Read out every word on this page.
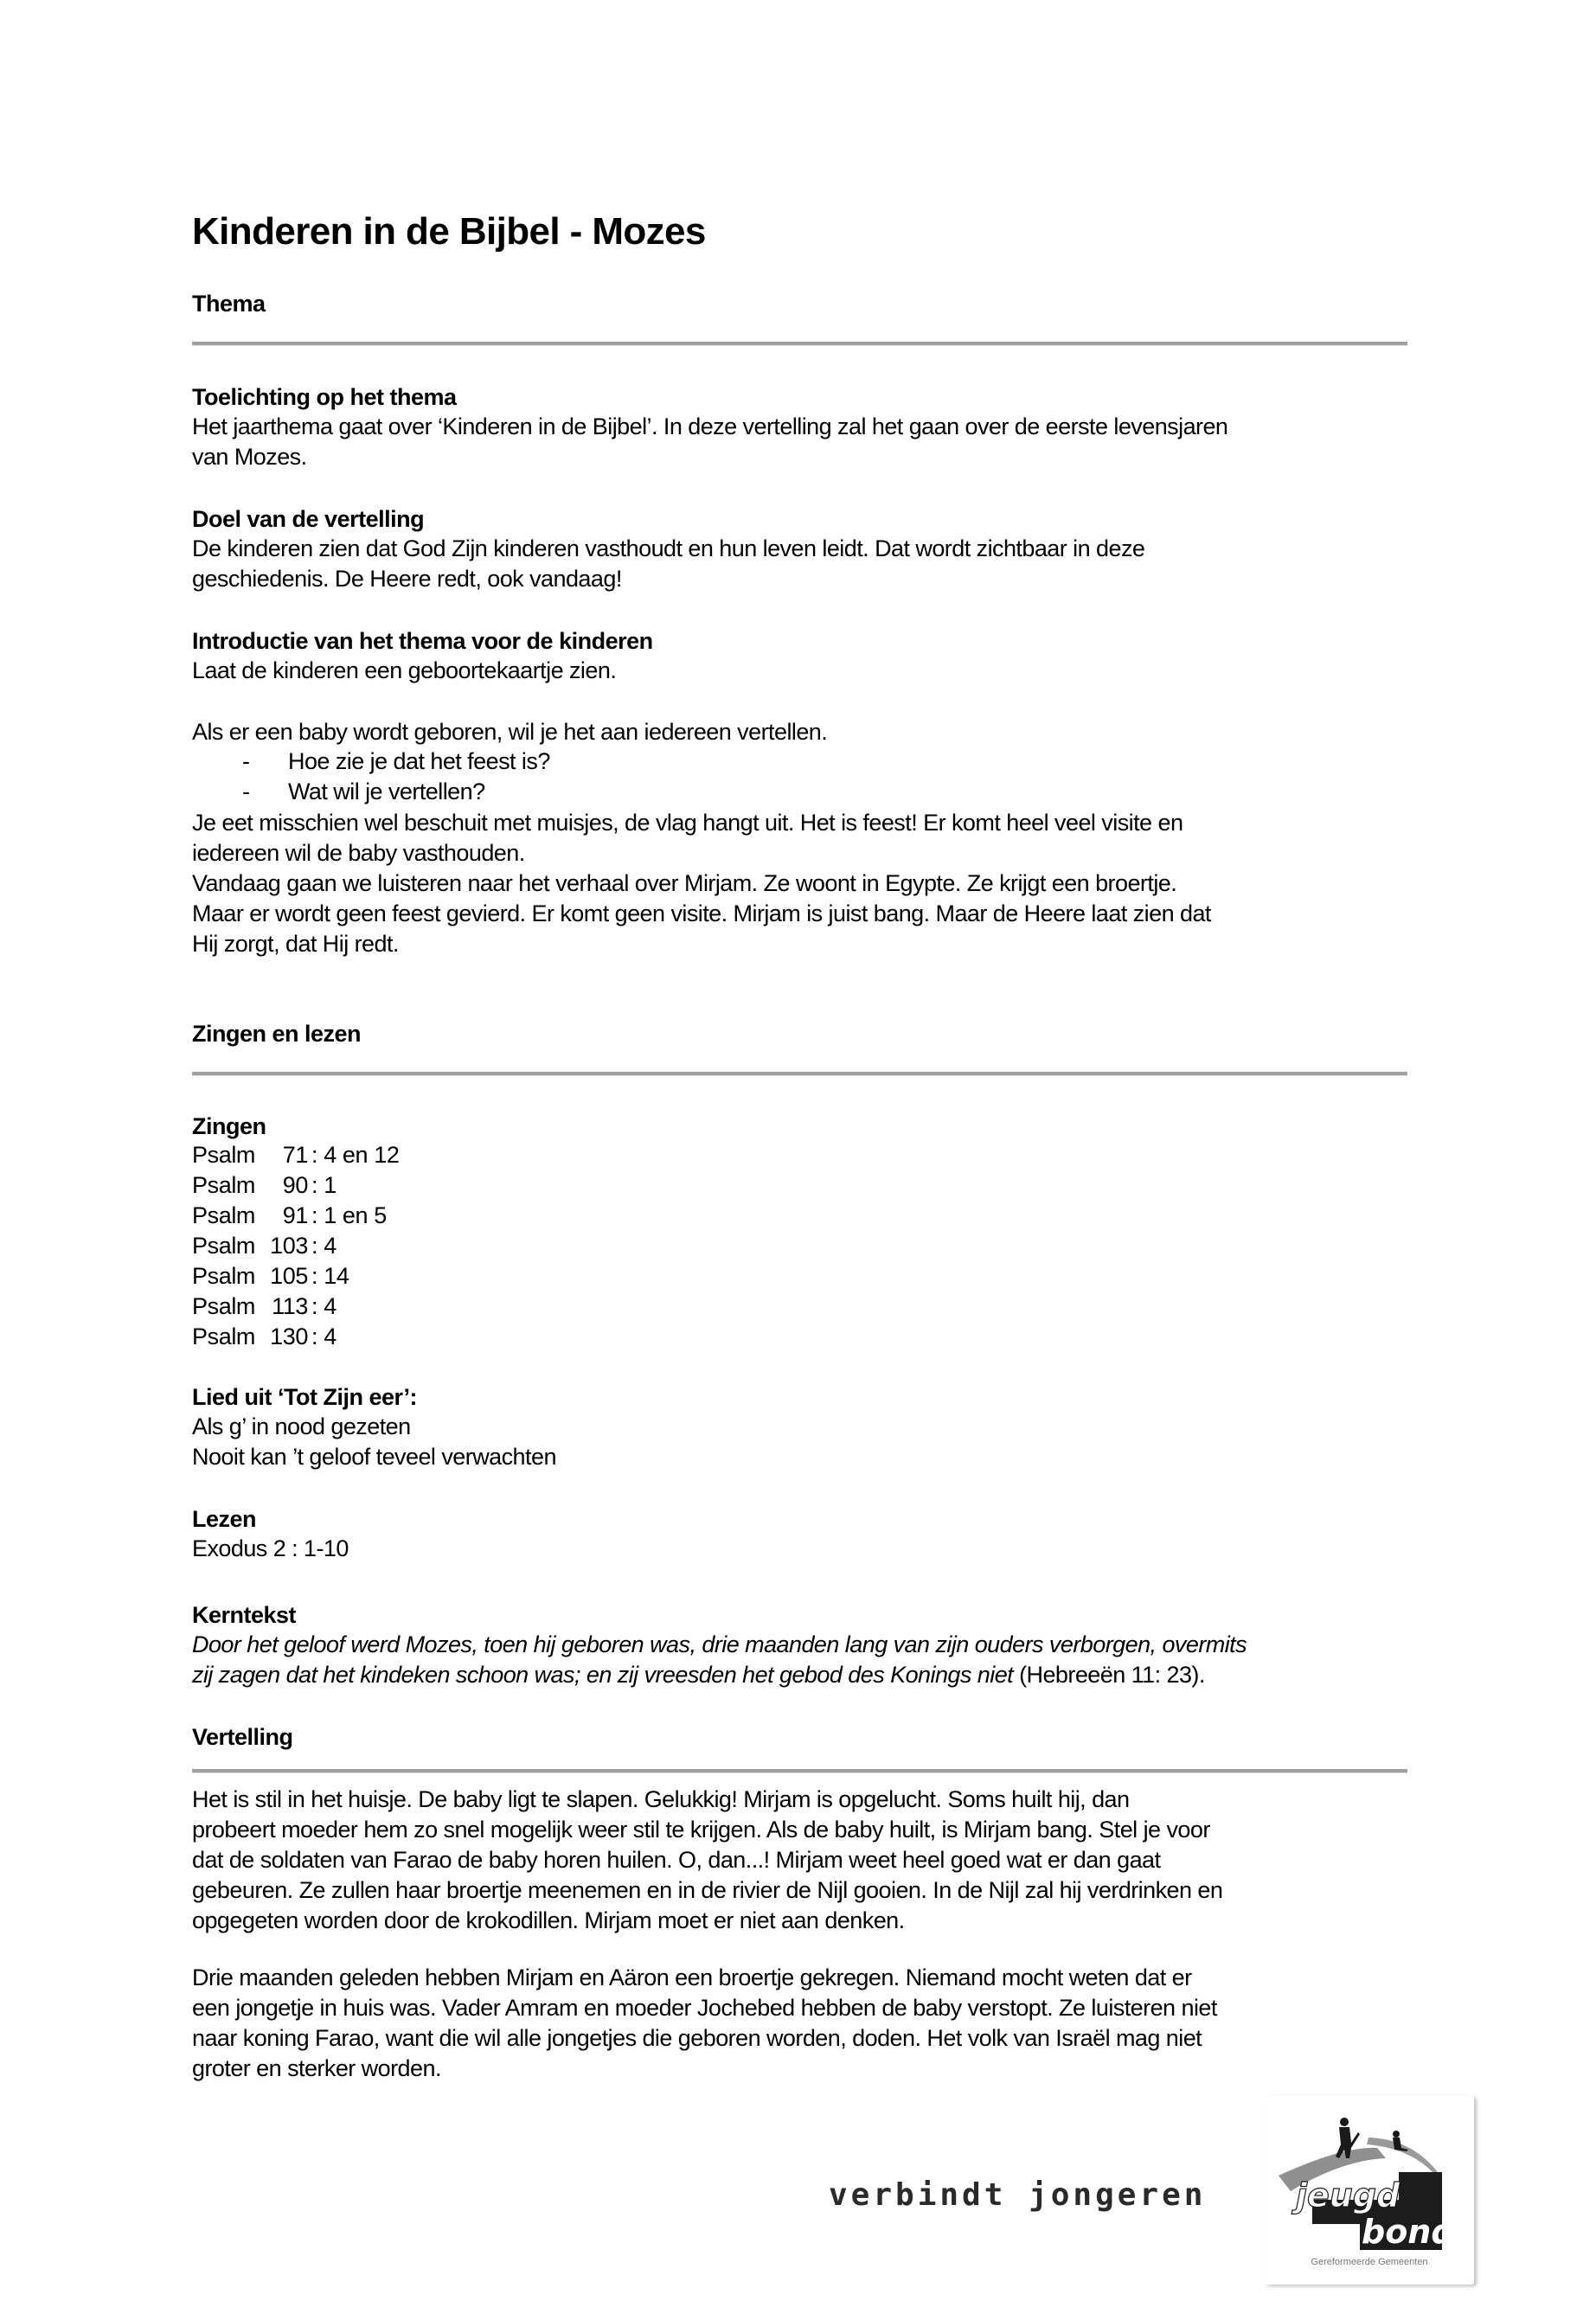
Kinderen in de Bijbel - Mozes
Thema
Toelichting op het thema
Het jaarthema gaat over ‘Kinderen in de Bijbel’. In deze vertelling zal het gaan over de eerste levensjaren
van Mozes.
Doel van de vertelling
De kinderen zien dat God Zijn kinderen vasthoudt en hun leven leidt. Dat wordt zichtbaar in deze
geschiedenis. De Heere redt, ook vandaag!
Introductie van het thema voor de kinderen
Laat de kinderen een geboortekaartje zien.
Als er een baby wordt geboren, wil je het aan iedereen vertellen.
- Hoe zie je dat het feest is?
- Wat wil je vertellen?
Je eet misschien wel beschuit met muisjes, de vlag hangt uit. Het is feest! Er komt heel veel visite en
iedereen wil de baby vasthouden.
Vandaag gaan we luisteren naar het verhaal over Mirjam. Ze woont in Egypte. Ze krijgt een broertje.
Maar er wordt geen feest gevierd. Er komt geen visite. Mirjam is juist bang. Maar de Heere laat zien dat
Hij zorgt, dat Hij redt.
Zingen en lezen
Zingen
Psalm 71 : 4 en 12
Psalm 90 : 1
Psalm 91 : 1 en 5
Psalm 103 : 4
Psalm 105 : 14
Psalm 113 : 4
Psalm 130 : 4
Lied uit ‘Tot Zijn eer’:
Als g’ in nood gezeten
Nooit kan ’t geloof teveel verwachten
Lezen
Exodus 2 : 1-10
Kerntekst
Door het geloof werd Mozes, toen hij geboren was, drie maanden lang van zijn ouders verborgen, overmits
zij zagen dat het kindeken schoon was; en zij vreesden het gebod des Konings niet (Hebreeën 11: 23).
Vertelling
Het is stil in het huisje. De baby ligt te slapen. Gelukkig! Mirjam is opgelucht. Soms huilt hij, dan
probeert moeder hem zo snel mogelijk weer stil te krijgen. Als de baby huilt, is Mirjam bang. Stel je voor
dat de soldaten van Farao de baby horen huilen. O, dan...! Mirjam weet heel goed wat er dan gaat
gebeuren. Ze zullen haar broertje meenemen en in de rivier de Nijl gooien. In de Nijl zal hij verdrinken en
opgegeten worden door de krokodillen. Mirjam moet er niet aan denken.
Drie maanden geleden hebben Mirjam en Aäron een broertje gekregen. Niemand mocht weten dat er
een jongetje in huis was. Vader Amram en moeder Jochebed hebben de baby verstopt. Ze luisteren niet
naar koning Farao, want die wil alle jongetjes die geboren worden, doden. Het volk van Israël mag niet
groter en sterker worden.
verbindt jongeren	jeugd
bond
Gereformeerde Gemeenten
